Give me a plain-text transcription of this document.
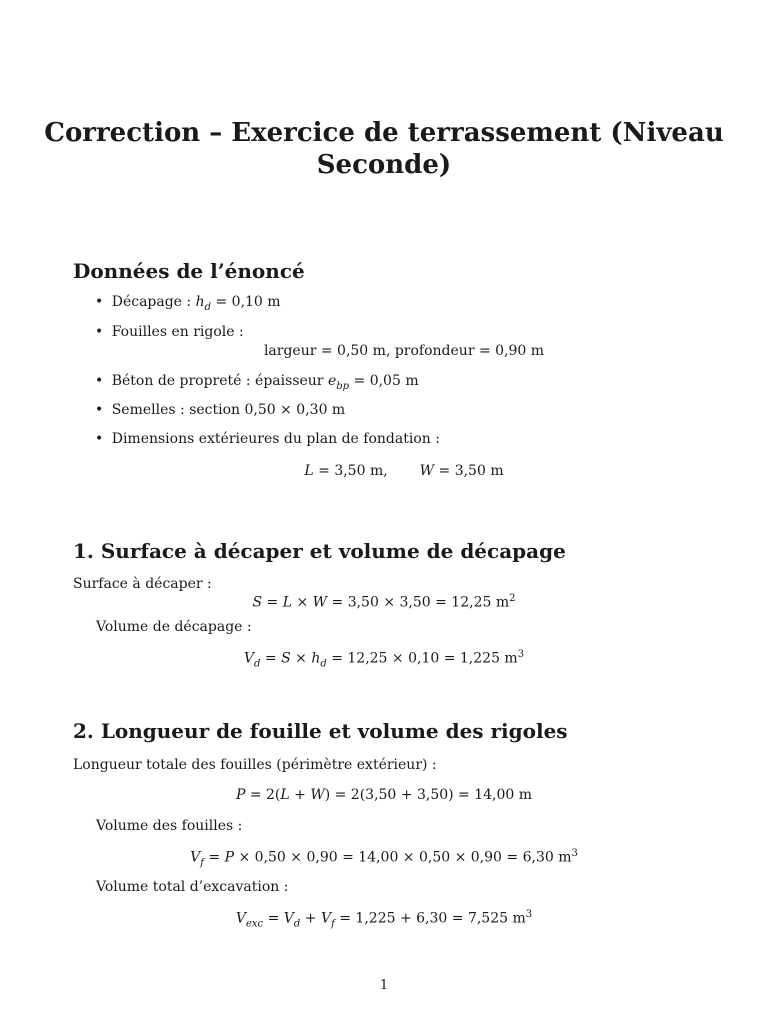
Correction – Exercice de terrassement (Niveau
Seconde)
Données de l’énoncé
• Décapage : $h_d = 0,10$ m
• Fouilles en rigole :
largeur = 0,50 m, profondeur = 0,90 m
• Béton de propreté : épaisseur $e_{bp} = 0,05$ m
• Semelles : section 0,50 × 0,30 m
• Dimensions extérieures du plan de fondation :
L = 3,50 m, W = 3,50 m
1. Surface à décaper et volume de décapage
Surface à décaper :
S = L × W = 3,50 × 3,50 = 12,25 $m^2$
Volume de décapage :
$V_d = S \times h_d = 12,25 \times 0,10 = 1,225$ $m^3$
2. Longueur de fouille et volume des rigoles
Longueur totale des fouilles (périmètre extérieur) :
P = 2(L + W) = 2(3,50 + 3,50) = 14,00 m
Volume des fouilles :
$V_f = P \times 0,50 \times 0,90 = 14,00 \times 0,50 \times 0,90 = 6,30$ $m^3$
Volume total d’excavation :
$V_{exc} = V_d + V_f = 1,225 + 6,30 = 7,525$ $m^3$
1
